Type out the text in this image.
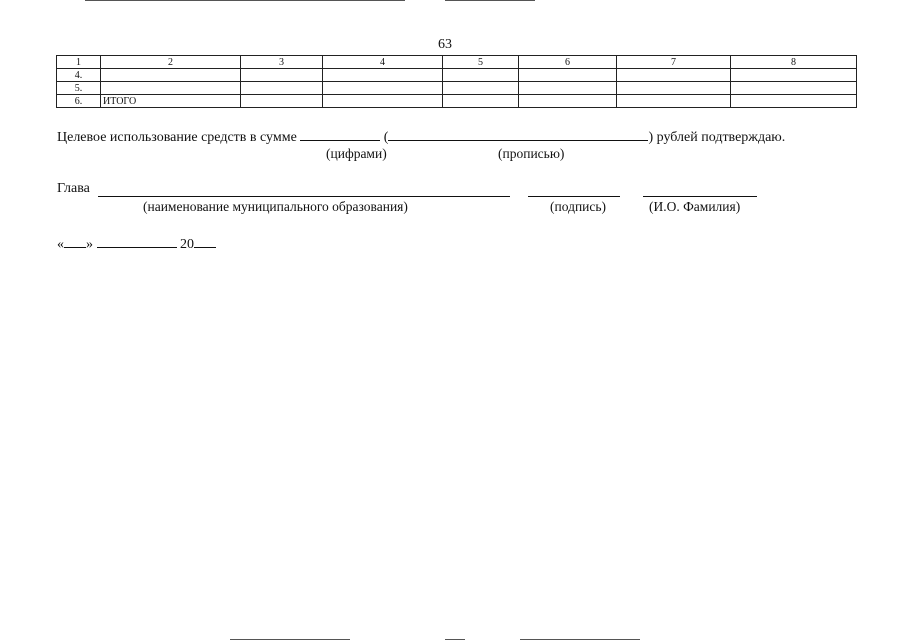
63
1	2	3	4	5	6	7	8
4.							
5.							
6.	ИТОГО						
Целевое использование средств в сумме	(	) рублей подтверждаю.
(цифрами)	(прописью)
Глава
(наименование муниципального образования)	(подпись)	(И.О. Фамилия)
« »	20
